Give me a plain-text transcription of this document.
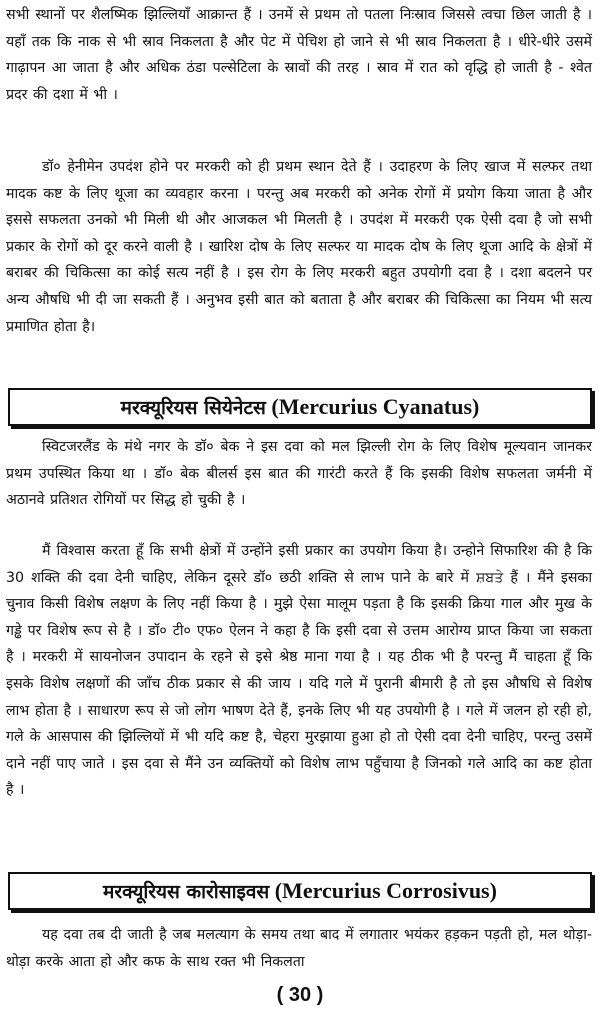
सभी स्थानों पर शैलष्मिक झिल्लियाँ आक्रान्त हैं । उनमें से प्रथम तो पतला निःस्राव जिससे त्वचा छिल जाती है । यहाँ तक कि नाक से भी स्राव निकलता है और पेट में पेचिश हो जाने से भी स्राव निकलता है । धीरे-धीरे उसमें गाढ़ापन आ जाता है और अधिक ठंडा पल्सेटिला के स्रावों की तरह । स्राव में रात को वृद्धि हो जाती है - श्वेत प्रदर की दशा में भी ।

डॉ० हेनीमेन उपदंश होने पर मरकरी को ही प्रथम स्थान देते हैं । उदाहरण के लिए खाज में सल्फर तथा मादक कष्ट के लिए थूजा का व्यवहार करना । परन्तु अब मरकरी को अनेक रोगों में प्रयोग किया जाता है और इससे सफलता उनको भी मिली थी और आजकल भी मिलती है । उपदंश में मरकरी एक ऐसी दवा है जो सभी प्रकार के रोगों को दूर करने वाली है । खारिश दोष के लिए सल्फर या मादक दोष के लिए थूजा आदि के क्षेत्रों में बराबर की चिकित्सा का कोई सत्य नहीं है । इस रोग के लिए मरकरी बहुत उपयोगी दवा है । दशा बदलने पर अन्य औषधि भी दी जा सकती हैं । अनुभव इसी बात को बताता है और बराबर की चिकित्सा का नियम भी सत्य प्रमाणित होता है।

मरक्यूरियस सियेनेटस (Mercurius Cyanatus)

स्विटजरलैंड के मंथे नगर के डॉ० बेक ने इस दवा को मल झिल्ली रोग के लिए विशेष मूल्यवान जानकर प्रथम उपस्थित किया था । डॉ० बेक बीलर्स इस बात की गारंटी करते हैं कि इसकी विशेष सफलता जर्मनी में अठानवे प्रतिशत रोगियों पर सिद्ध हो चुकी है ।

मैं विश्वास करता हूँ कि सभी क्षेत्रों में उन्होंने इसी प्रकार का उपयोग किया है। उन्होने सिफारिश की है कि 30 शक्ति की दवा देनी चाहिए, लेकिन दूसरे डॉ० छठी शक्ति से लाभ पाने के बारे में ਸ਼ਬਤੇ हैं । मैंने इसका चुनाव किसी विशेष लक्षण के लिए नहीं किया है । मुझे ऐसा मालूम पड़ता है कि इसकी क्रिया गाल और मुख के गड्ढे पर विशेष रूप से है । डॉ० टी० एफ० ऐलन ने कहा है कि इसी दवा से उत्तम आरोग्य प्राप्त किया जा सकता है । मरकरी में सायनोजन उपादान के रहने से इसे श्रेष्ठ माना गया है । यह ठीक भी है परन्तु मैं चाहता हूँ कि इसके विशेष लक्षणों की जाँच ठीक प्रकार से की जाय । यदि गले में पुरानी बीमारी है तो इस औषधि से विशेष लाभ होता है । साधारण रूप से जो लोग भाषण देते हैं, इनके लिए भी यह उपयोगी है । गले में जलन हो रही हो, गले के आसपास की झिल्लियों में भी यदि कष्ट है, चेहरा मुरझाया हुआ हो तो ऐसी दवा देनी चाहिए, परन्तु उसमें दाने नहीं पाए जाते । इस दवा से मैंने उन व्यक्तियों को विशेष लाभ पहुँचाया है जिनको गले आदि का कष्ट होता है ।

मरक्यूरियस कारोसाइवस (Mercurius Corrosivus)

यह दवा तब दी जाती है जब मलत्याग के समय तथा बाद में लगातार भयंकर हड़कन पड़ती हो, मल थोड़ा-थोड़ा करके आता हो और कफ के साथ रक्त भी निकलता

( 30 )
